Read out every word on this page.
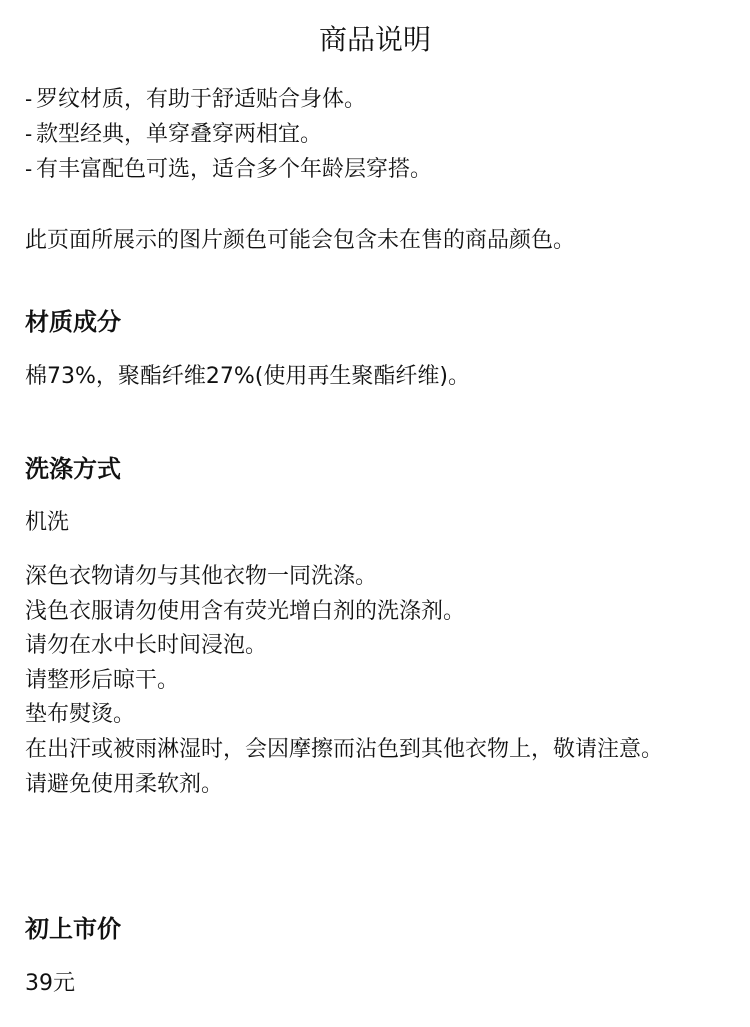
商品说明
- 罗纹材质，有助于舒适贴合身体。
- 款型经典，单穿叠穿两相宜。
- 有丰富配色可选，适合多个年龄层穿搭。

此页面所展示的图片颜色可能会包含未在售的商品颜色。

材质成分

棉73%，聚酯纤维27%(使用再生聚酯纤维)。

洗涤方式

机洗

深色衣物请勿与其他衣物一同洗涤。
浅色衣服请勿使用含有荧光增白剂的洗涤剂。
请勿在水中长时间浸泡。
请整形后晾干。
垫布熨烫。
在出汗或被雨淋湿时，会因摩擦而沾色到其他衣物上，敬请注意。
请避免使用柔软剂。
初上市价

39元
